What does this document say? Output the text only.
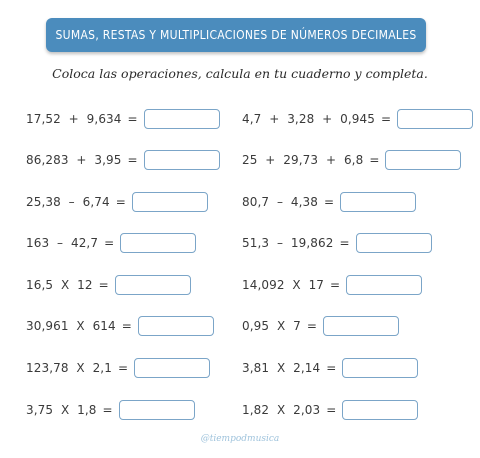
SUMAS, RESTAS Y MULTIPLICACIONES DE NÚMEROS DECIMALES
Coloca las operaciones, calcula en tu cuaderno y completa.
17,52  +  9,634 =
86,283  +  3,95 =
25,38  –  6,74 =
163  –  42,7 =
16,5  X  12 =
30,961  X  614 =
123,78  X  2,1 =
3,75  X  1,8 =
4,7  +  3,28  +  0,945 =
25  +  29,73  +  6,8 =
80,7  –  4,38 =
51,3  –  19,862 =
14,092  X  17 =
0,95  X  7 =
3,81  X  2,14 =
1,82  X  2,03 =
@tiempodmusica
